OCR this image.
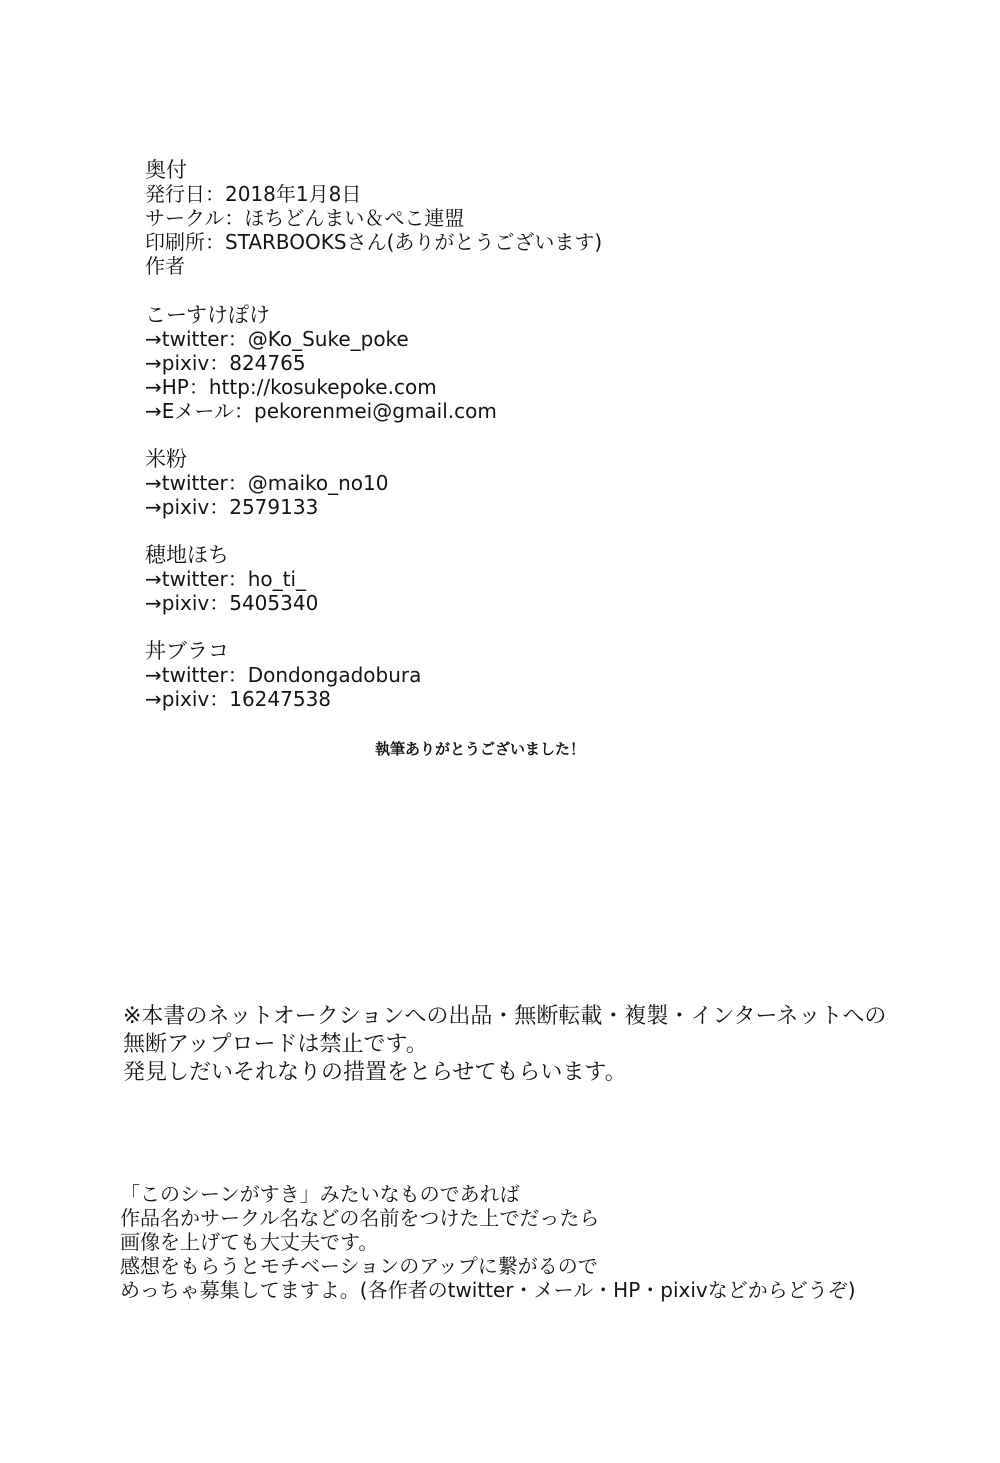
奥付
発行日：2018年1月8日
サークル：ほちどんまい＆ぺこ連盟
印刷所：STARBOOKSさん(ありがとうございます)
作者
こーすけぽけ
→twitter：@Ko_Suke_poke
→pixiv：824765
→HP：http://kosukepoke.com
→Eメール：pekorenmei@gmail.com
米粉
→twitter：@maiko_no10
→pixiv：2579133
穂地ほち
→twitter：ho_ti_
→pixiv：5405340
丼ブラコ
→twitter：Dondongadobura
→pixiv：16247538
執筆ありがとうございました！
※本書のネットオークションへの出品・無断転載・複製・インターネットへの
無断アップロードは禁止です。
発見しだいそれなりの措置をとらせてもらいます。
「このシーンがすき」みたいなものであれば
作品名かサークル名などの名前をつけた上でだったら
画像を上げても大丈夫です。
感想をもらうとモチベーションのアップに繋がるので
めっちゃ募集してますよ。(各作者のtwitter・メール・HP・pixivなどからどうぞ)
